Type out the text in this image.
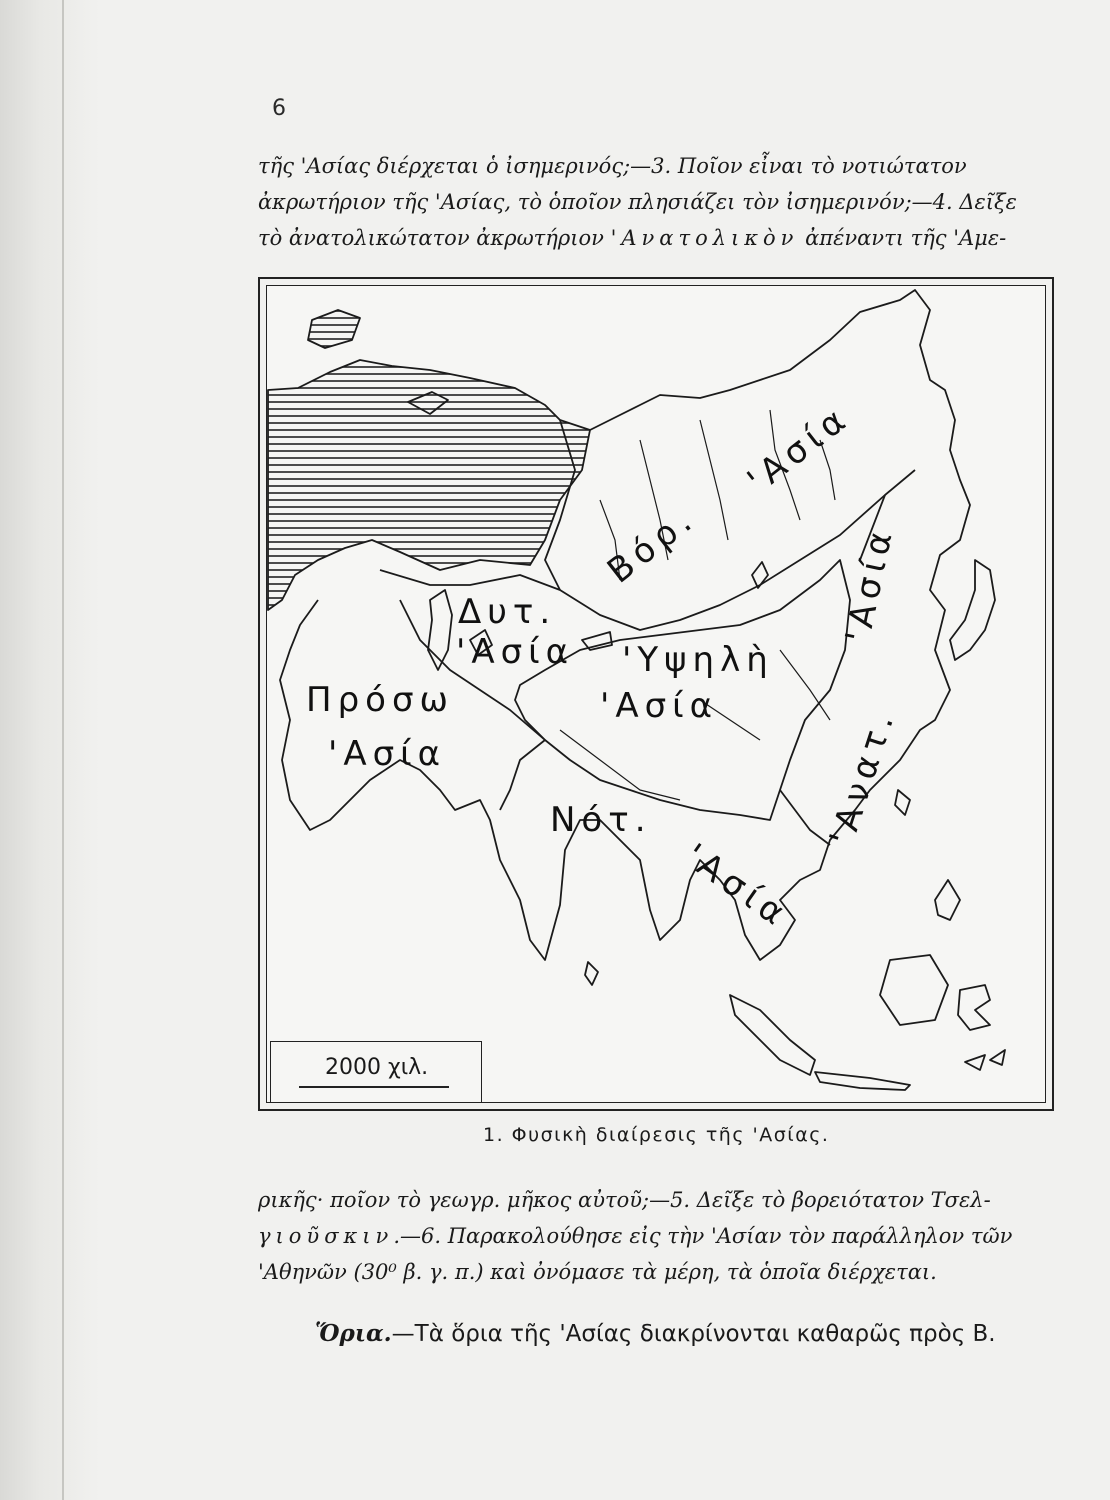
6

τῆς 'Ασίας διέρχεται ὁ ἰσημερινός;—3. Ποῖον εἶναι τὸ νοτιώτατον

ἀκρωτήριον τῆς 'Ασίας, τὸ ὁποῖον πλησιάζει τὸν ἰσημερινόν;—4. Δεῖξε

τὸ ἀνατολικώτατον ἀκρωτήριον 'Ανατολικὸν ἀπέναντι τῆς 'Αμε-

2000 χιλ.
Βόρ.
'Ασία
Δυτ.
'Ασία 'Υψηλὴ
'Ασία
Πρόσω
'Ασία
Νότ.
'Ασία
'Ασία
'Ανατ.
1. Φυσικὴ διαίρεσις τῆς 'Ασίας.

ρικῆς· ποῖον τὸ γεωγρ. μῆκος αὐτοῦ;—5. Δεῖξε τὸ βορειότατον Τσελ-

γιοῦσκιν.—6. Παρακολούθησε εἰς τὴν 'Ασίαν τὸν παράλληλον τῶν

'Αθηνῶν (30⁰ β. γ. π.) καὶ ὀνόμασε τὰ μέρη, τὰ ὁποῖα διέρχεται.

Ὅρια.—Τὰ ὅρια τῆς 'Ασίας διακρίνονται καθαρῶς πρὸς Β.
